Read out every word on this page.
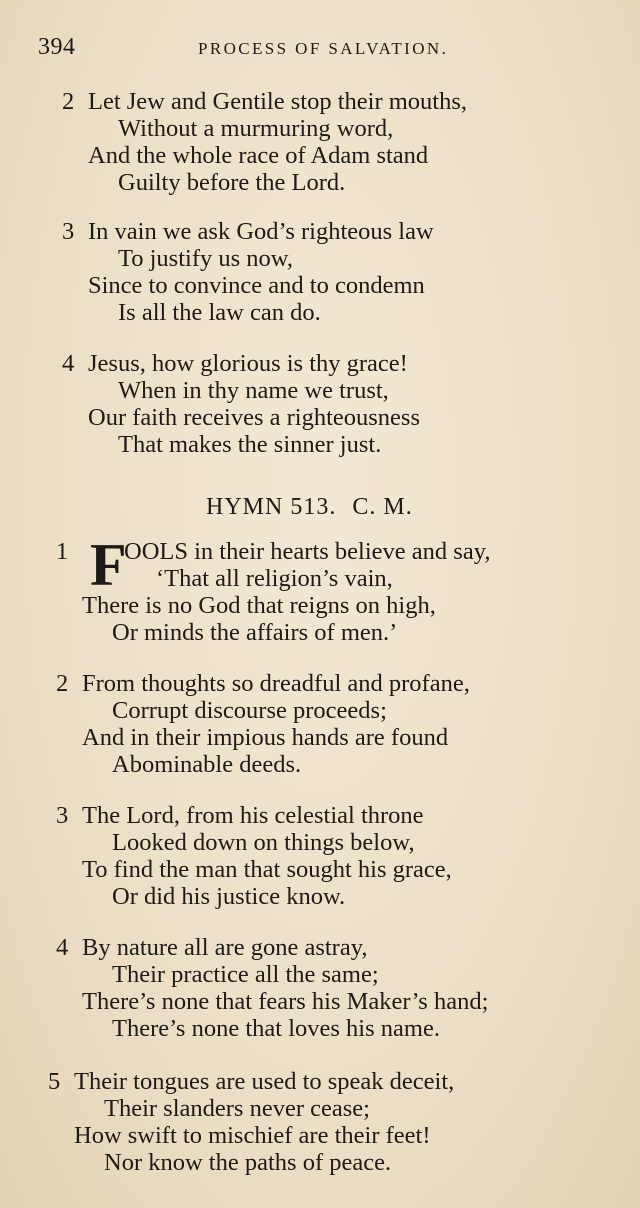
394	PROCESS OF SALVATION.
2 Let Jew and Gentile stop their mouths,
Without a murmuring word,
And the whole race of Adam stand
Guilty before the Lord.
3 In vain we ask God’s righteous law
To justify us now,
Since to convince and to condemn
Is all the law can do.
4 Jesus, how glorious is thy grace!
When in thy name we trust,
Our faith receives a righteousness
That makes the sinner just.
HYMN 513. C. M.
F
1 OOLS in their hearts believe and say,
‘That all religion’s vain,
There is no God that reigns on high,
Or minds the affairs of men.’
2 From thoughts so dreadful and profane,
Corrupt discourse proceeds;
And in their impious hands are found
Abominable deeds.
3 The Lord, from his celestial throne
Looked down on things below,
To find the man that sought his grace,
Or did his justice know.
4 By nature all are gone astray,
Their practice all the same;
There’s none that fears his Maker’s hand;
There’s none that loves his name.
5 Their tongues are used to speak deceit,
Their slanders never cease;
How swift to mischief are their feet!
Nor know the paths of peace.
